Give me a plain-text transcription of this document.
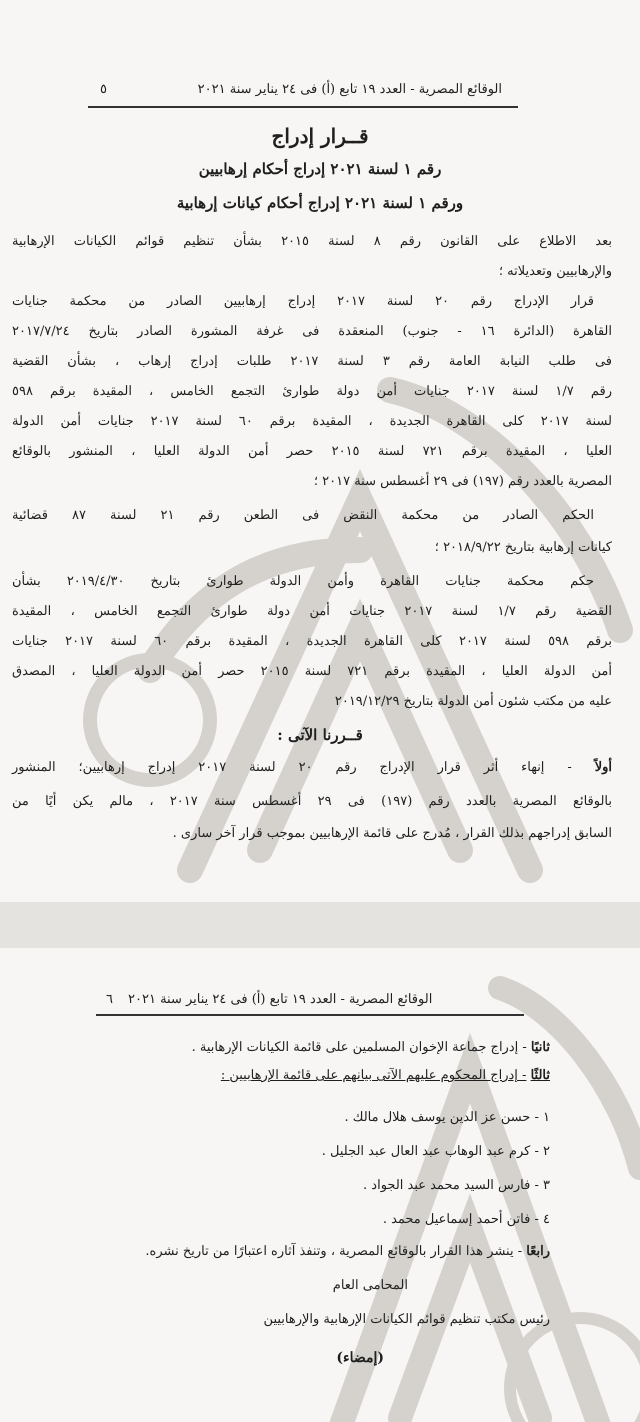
الوقائع المصرية - العدد ١٩ تابع (أ) فى ٢٤ يناير سنة ٢٠٢١
٥
قــرار إدراج
رقم ١ لسنة ٢٠٢١ إدراج أحكام إرهابيين
ورقم ١ لسنة ٢٠٢١ إدراج أحكام كيانات إرهابية
بعد الاطلاع على القانون رقم ٨ لسنة ٢٠١٥ بشأن تنظيم قوائم الكيانات الإرهابية
والإرهابيين وتعديلاته ؛
قرار الإدراج رقم ٢٠ لسنة ٢٠١٧ إدراج إرهابيين الصادر من محكمة جنايات
القاهرة (الدائرة ١٦ - جنوب) المنعقدة فى غرفة المشورة الصادر بتاريخ ٢٠١٧/٧/٢٤
فى طلب النيابة العامة رقم ٣ لسنة ٢٠١٧ طلبات إدراج إرهاب ، بشأن القضية
رقم ١/٧ لسنة ٢٠١٧ جنايات أمن دولة طوارئ التجمع الخامس ، المقيدة برقم ٥٩٨
لسنة ٢٠١٧ كلى القاهرة الجديدة ، المقيدة برقم ٦٠ لسنة ٢٠١٧ جنايات أمن الدولة
العليا ، المقيدة برقم ٧٢١ لسنة ٢٠١٥ حصر أمن الدولة العليا ، المنشور بالوقائع
المصرية بالعدد رقم (١٩٧) فى ٢٩ أغسطس سنة ٢٠١٧ ؛
الحكم الصادر من محكمة النقض فى الطعن رقم ٢١ لسنة ٨٧ قضائية
كيانات إرهابية بتاريخ ٢٠١٨/٩/٢٢ ؛
حكم محكمة جنايات القاهرة وأمن الدولة طوارئ بتاريخ ٢٠١٩/٤/٣٠ بشأن
القضية رقم ١/٧ لسنة ٢٠١٧ جنايات أمن دولة طوارئ التجمع الخامس ، المقيدة
برقم ٥٩٨ لسنة ٢٠١٧ كلى القاهرة الجديدة ، المقيدة برقم ٦٠ لسنة ٢٠١٧ جنايات
أمن الدولة العليا ، المقيدة برقم ٧٢١ لسنة ٢٠١٥ حصر أمن الدولة العليا ، المصدق
عليه من مكتب شئون أمن الدولة بتاريخ ٢٠١٩/١٢/٢٩
قــررنا الآتى :
أولاً - إنهاء أثر قرار الإدراج رقم ٢٠ لسنة ٢٠١٧ إدراج إرهابيين؛ المنشور
بالوقائع المصرية بالعدد رقم (١٩٧) فى ٢٩ أغسطس سنة ٢٠١٧ ، مالم يكن أيًا من
السابق إدراجهم بذلك القرار ، مُدرج على قائمة الإرهابيين بموجب قرار آخر سارى .
الوقائع المصرية - العدد ١٩ تابع (أ) فى ٢٤ يناير سنة ٢٠٢١
٦
ثانيًا - إدراج جماعة الإخوان المسلمين على قائمة الكيانات الإرهابية .
ثالثًا - إدراج المحكوم عليهم الآتى بيانهم على قائمة الإرهابيين :
١ - حسن عز الدين يوسف هلال مالك .
٢ - كرم عبد الوهاب عبد العال عبد الجليل .
٣ - فارس السيد محمد عبد الجواد .
٤ - فاتن أحمد إسماعيل محمد .
رابعًا - ينشر هذا القرار بالوقائع المصرية ، وتنفذ آثاره اعتبارًا من تاريخ نشره.
المحامى العام
رئيس مكتب تنظيم قوائم الكيانات الإرهابية والإرهابيين
(إمضاء)
